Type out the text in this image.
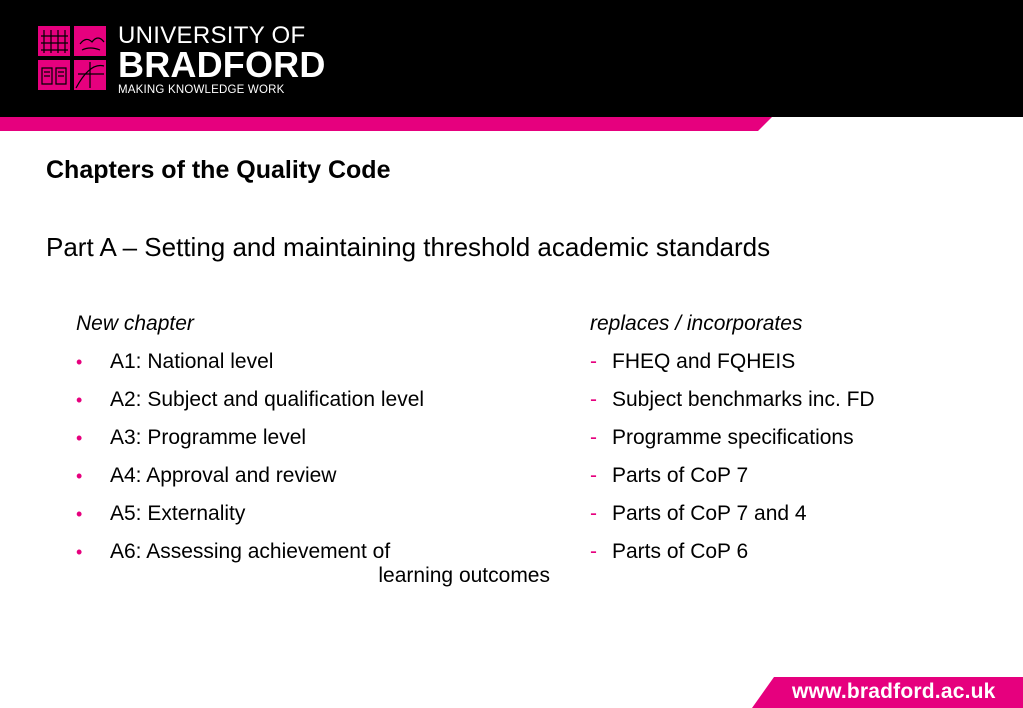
UNIVERSITY OF
BRADFORD
MAKING KNOWLEDGE WORK
Chapters of the Quality Code
Part A – Setting and maintaining threshold academic standards
New chapter
• A1: National level
• A2: Subject and qualification level
• A3: Programme level
• A4: Approval and review
• A5: Externality
• A6: Assessing achievement of
learning outcomes
replaces / incorporates
- FHEQ and FQHEIS
- Subject benchmarks inc. FD
- Programme specifications
- Parts of CoP 7
- Parts of CoP 7 and 4
- Parts of CoP 6
www.bradford.ac.uk
